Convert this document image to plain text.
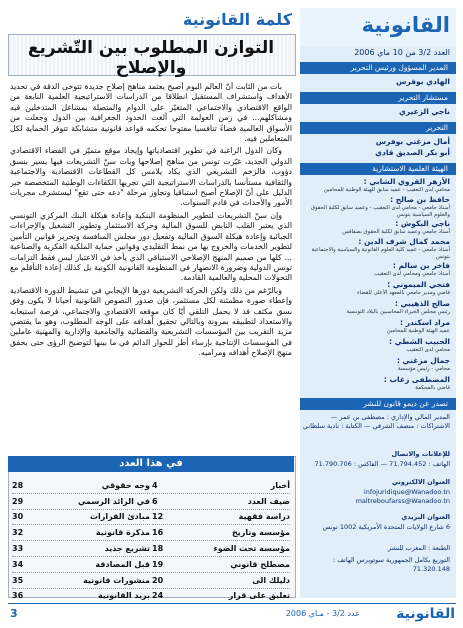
القانونية
العدد 3/2 من 10 ماي 2006
المدير المسؤول ورئيس التحرير
الهادي بوفرس
مستشار التحرير
ناجي الزعيري
التحرير
أمال مزغني بوفرس
أبو بكر الصديق قادي
الهيئة العلمية الاستشارية
الأزهر القروي الشابي :
محامي لدى التعقيب - عميد سابق للهيئة الوطنية للمحامين
حافظ بن صالح :
أستاذ جامعي - محامي لدى التعقيب - وعميد سابق لكلية الحقوق والعلوم السياسية بتونس
ناجي البكوش :
أستاذ جامعي وعميد سابق لكلية الحقوق بصفاقس
محمد كمال شرف الدين :
أستاذ جامعي - عميد كلية العلوم القانونية والسياسية والاجتماعية بتونس
فاخر بن سالم :
أستاذ جامعي ومحامي لدى التعقيب
فتحي الميموني :
قاضي ومدير جامعي بالمعهد الأعلى للقضاء
صالح الذهيبي :
رئيس مجلس الخبراء المحاسبين بالبلاد التونسية
مراد اسكندر :
عميد الهيئة الوطنية للمحامين
الحبيب الشطي :
محامي لدى التعقيب
جمال مزغني :
محامي - رئيس مؤسسة
المصطفى زغاب :
قاضي بالمحكمة
تصدر عن ديمو قانون للنشر
المدير المالي والإداري : مصطفى بن عمر — الاشتراكات : منصف الشرقي — الكتابة : نادية سلطاني
للإعلانات والاتصال
الهاتف : 71.794.452 — الفاكس : 71.790.706
العنوان الالكتروني
infojuridique@Wanadoo.tn
maltreboufarss@Wanadoo.tn
العنوان البريدي
6 شارع الولايات المتحدة الأمريكية 1002 تونس
الطبعة : المغرب للنشر
التوزيع بكامل الجمهورية سوتوبرس الهاتف : 71.320.148
كلمة القانونية
التوازن المطلوب بين التّشريع والإصلاح

بات من الثابت أنّ العالم اليوم أصبح يعتمد مناهج إصلاح جديدة تتوخى الدقة في تحديد الأهداف واستشراف المستقبل انطلاقا من الدراسات الاستراتيجية العلمية النابعة من الواقع الاقتصادي والاجتماعي المتغيّر على الدوام والمتصلة بمشاغل المتدخلين فيه ومشاكلهم... في زمن العولمة التي ألغت الحدود الجغرافية بين الدول وجعلت من الأسواق العالمية فضاءً تنافسيا مفتوحا تحكمه قواعد قانونية متشابكة تتوفر الحماية لكل المتعاملين فيه.

وكان الدول الراغبة في تطوير اقتصادياتها وإيجاد موقع متميّز في الفضاء الاقتصادي الدولي الجديد، غيّرت تونس من مناهج إصلاحها وبات سنّ التشريعات فيها يسير بنسق دؤوب، فالزخم التشريعي الذي يكاد يلامس كل القطاعات الاقتصادية والاجتماعية والثقافية مستأنسا بالدراسات الاستراتيجية التي تجريها الكفاءات الوطنية المتخصصة خير الدليل على أنّ الإصلاح أصبح استباقيا وتجاوز مرحلة "دعه حتى تقع" ليستشرف مجريات الأمور والأحداث في قادم السنوات.

وإن سنّ التشريعات لتطوير المنظومة البنكية وإعادة هيكلة البنك المركزي التونسي الذي يعتبر القلب النابض للسوق المالية وحركة الاستثمار وتطوير التشغيل والإجراءات الجبائية وإعادة هيكلة السوق المالية وتفعيل دور مجلس المنافسة وتحرير قوانين التأمين لتطوير الخدمات والخروج بها من نمط التقليدي وقوانين حماية الملكية الفكرية والصناعية ... كلها من صميم المنهج الإصلاحي الاستباقي الذي يأخذ في الاعتبار ليس فقط التزامات تونس الدولية وضرورة الانصهار في المنظومة القانونية الكونية بل كذلك إعادة التأقلم مع التحولات المحلية والعالمية القادمة.

وبالرّغم من ذلك ولكن الحركة التشريعية دورها الإيجابي في تنشيط الدورة الاقتصادية وإعطاء صورة مطمئنة لكل مستثمر، فإن صدور النصوص القانونية أحيانا لا يكون وفق نسق مكثف قد لا يحمل التلقي أيّا كان موقعه الاقتصادي والاجتماعي، فرصة استيعابه والاستعداد لتطبيقه بمرونة وبالتالي تحقيق أهدافه على الوجه المطلوب، وهو ما يقتضي مزيد التقريب بين المؤسسات التشريعية والقضائية والجامعية والإدارية والمهنية عاملين في المؤسسات الإنتاجية بإرساء أطر للحوار الدائم في ما بينها لتوضيح الرؤى حتى يحقق منهج الإصلاح أهدافه ومراميه.

في هذا العدد
أخبار
4
ضيف العدد
6
دراسة فقهية
12
مؤسسة وتاريخ
16
مؤسسة تحت الضوء
18
مصطلح قانوني
19
دليلك الى
20
تعليق على قرار
24
وجه حقوقي
28
في الرائد الرسمي
29
مبادئ القرارات
30
مذكرة قانونية
32
تشريع جديد
33
قبل المصادقة
34
منشورات قانونية
35
بريد القانونية
36
القانونية
عدد 3/2 - مـاي 2006
3
